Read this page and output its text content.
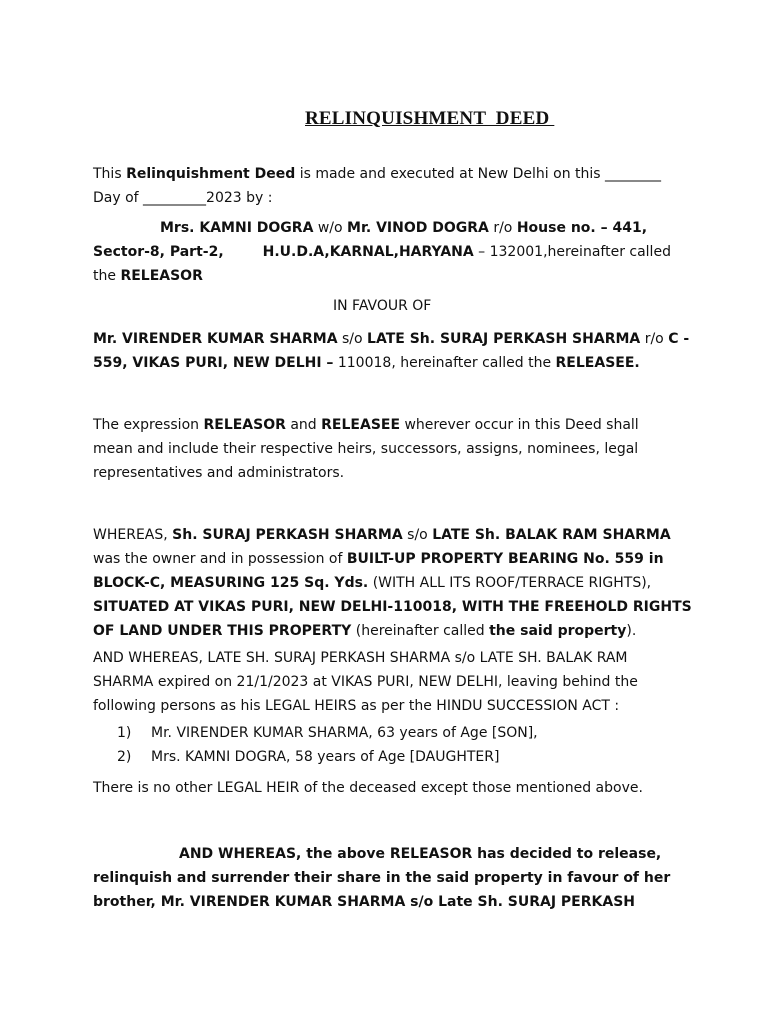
RELINQUISHMENT  DEED
This Relinquishment Deed is made and executed at New Delhi on this ________
Day of _________2023 by :
Mrs. KAMNI DOGRA w/o Mr. VINOD DOGRA r/o House no. – 441,
Sector-8, Part-2,        H.U.D.A,KARNAL,HARYANA – 132001,hereinafter called
the RELEASOR
IN FAVOUR OF
Mr. VIRENDER KUMAR SHARMA s/o LATE Sh. SURAJ PERKASH SHARMA r/o C -
559, VIKAS PURI, NEW DELHI – 110018, hereinafter called the RELEASEE.
The expression RELEASOR and RELEASEE wherever occur in this Deed shall
mean and include their respective heirs, successors, assigns, nominees, legal
representatives and administrators.
WHEREAS, Sh. SURAJ PERKASH SHARMA s/o LATE Sh. BALAK RAM SHARMA
was the owner and in possession of BUILT-UP PROPERTY BEARING No. 559 in
BLOCK-C, MEASURING 125 Sq. Yds. (WITH ALL ITS ROOF/TERRACE RIGHTS),
SITUATED AT VIKAS PURI, NEW DELHI-110018, WITH THE FREEHOLD RIGHTS
OF LAND UNDER THIS PROPERTY (hereinafter called the said property).
AND WHEREAS, LATE SH. SURAJ PERKASH SHARMA s/o LATE SH. BALAK RAM
SHARMA expired on 21/1/2023 at VIKAS PURI, NEW DELHI, leaving behind the
following persons as his LEGAL HEIRS as per the HINDU SUCCESSION ACT :
1) Mr. VIRENDER KUMAR SHARMA, 63 years of Age [SON],
2) Mrs. KAMNI DOGRA, 58 years of Age [DAUGHTER]
There is no other LEGAL HEIR of the deceased except those mentioned above.
AND WHEREAS, the above RELEASOR has decided to release,
relinquish and surrender their share in the said property in favour of her
brother, Mr. VIRENDER KUMAR SHARMA s/o Late Sh. SURAJ PERKASH
